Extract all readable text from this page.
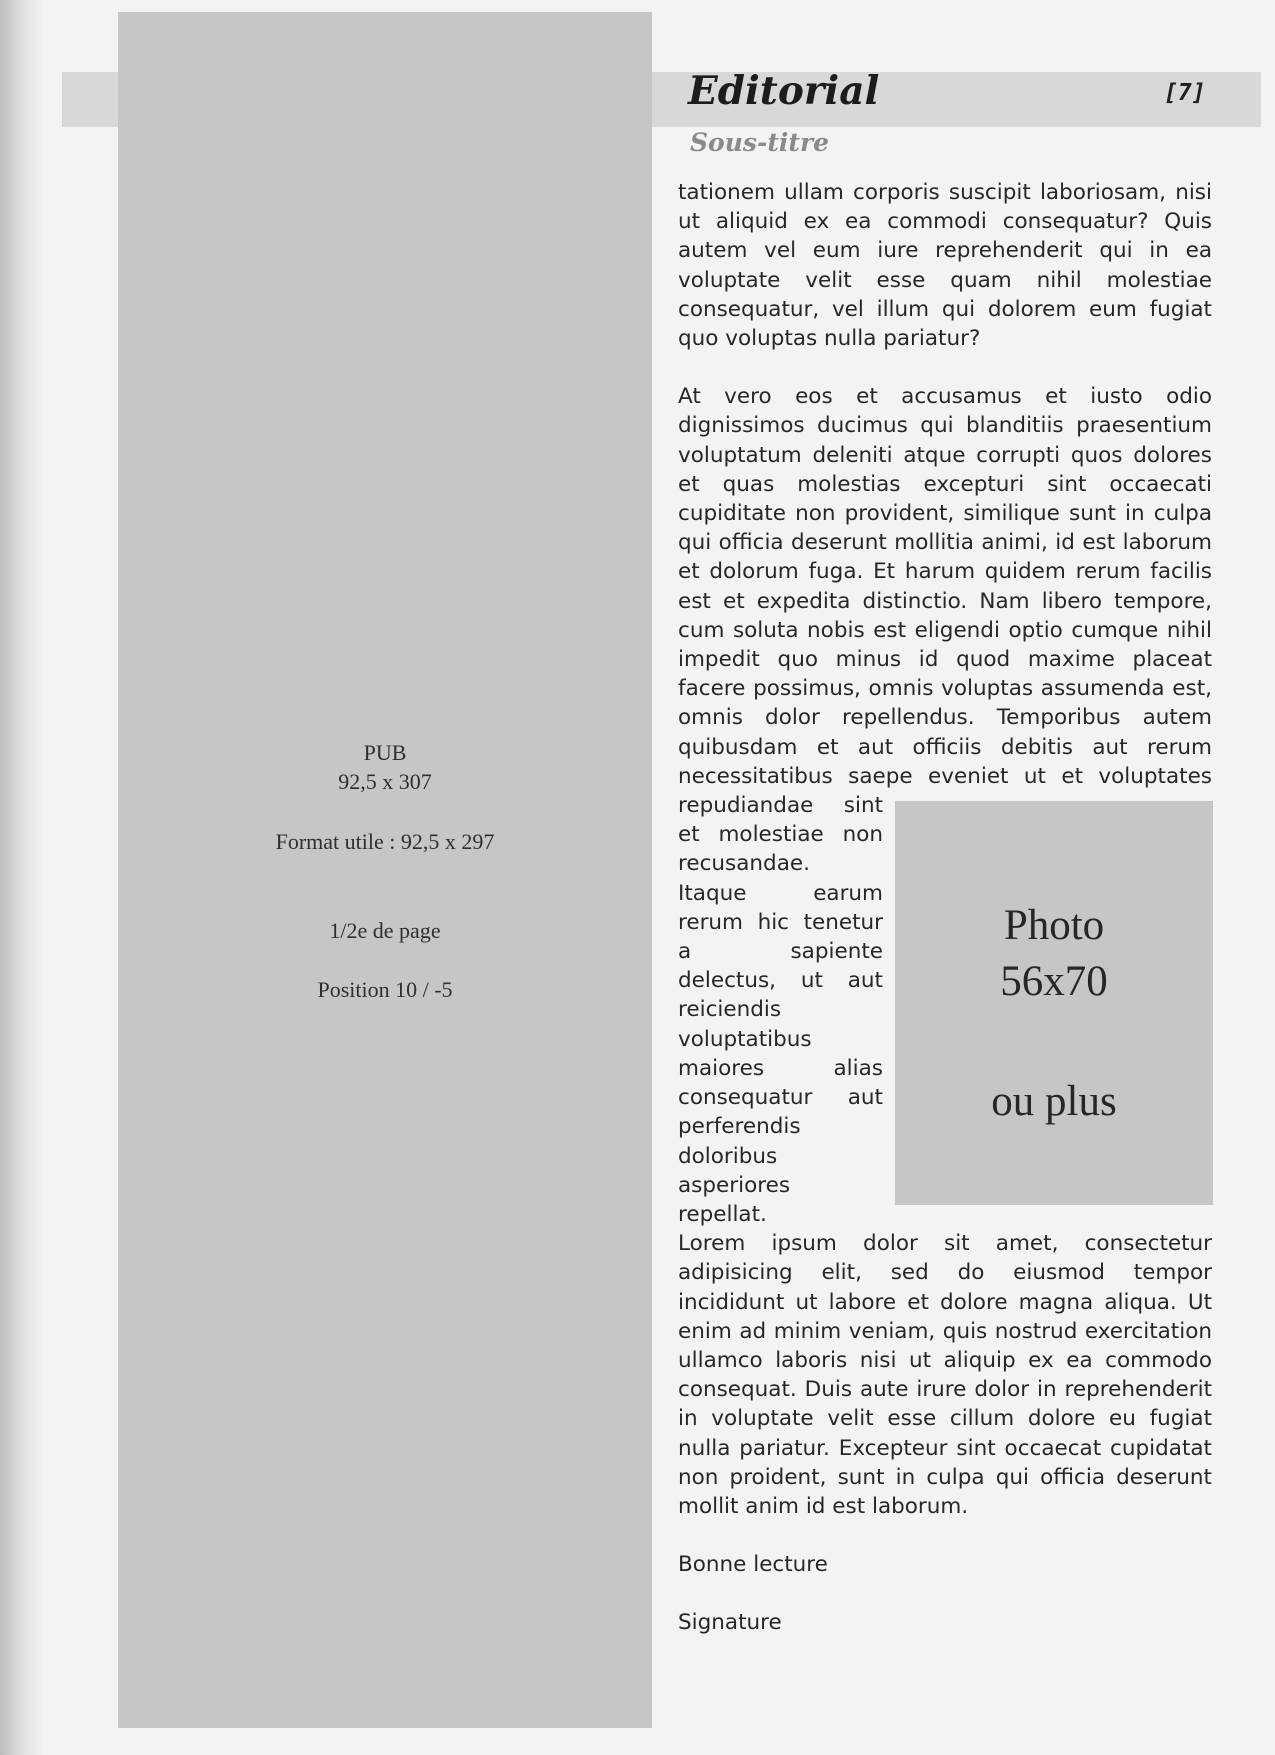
PUB
92,5 x 307
Format utile : 92,5 x 297
1/2e de page
Position 10 / -5
Editorial	[7]
Sous-titre

tationem ullam corporis suscipit laboriosam, nisi ut aliquid ex ea commodi consequatur? Quis autem vel eum iure reprehenderit qui in ea voluptate velit esse quam nihil molestiae consequatur, vel illum qui dolorem eum fugiat quo voluptas nulla pariatur?

At vero eos et accusamus et iusto odio dignissimos ducimus qui blanditiis praesentium voluptatum deleniti atque corrupti quos dolores et quas molestias excepturi sint occaecati cupiditate non provident, similique sunt in culpa qui officia deserunt mollitia animi, id est laborum et dolorum fuga. Et harum quidem rerum facilis est et expedita distinctio. Nam libero tempore, cum soluta nobis est eligendi optio cumque nihil impedit quo minus id quod maxime placeat facere possimus, omnis voluptas assumenda est, omnis dolor repellendus. Temporibus autem quibusdam et aut officiis debitis aut rerum necessitatibus saepe eveniet ut et voluptates repudiandae
Photo
56x70
ou plus
sint et molestiae non recusandae. Itaque earum rerum hic tenetur a sapiente delectus, ut aut reiciendis voluptatibus maiores alias consequatur aut perferendis doloribus asperiores repellat.

Lorem ipsum dolor sit amet, consectetur adipisicing elit, sed do eiusmod tempor incididunt ut labore et dolore magna aliqua. Ut enim ad minim veniam, quis nostrud exercitation ullamco laboris nisi ut aliquip ex ea commodo consequat. Duis aute irure dolor in reprehenderit in voluptate velit esse cillum dolore eu fugiat nulla pariatur. Excepteur sint occaecat cupidatat non proident, sunt in culpa qui officia deserunt mollit anim id est laborum.

Bonne lecture

Signature
